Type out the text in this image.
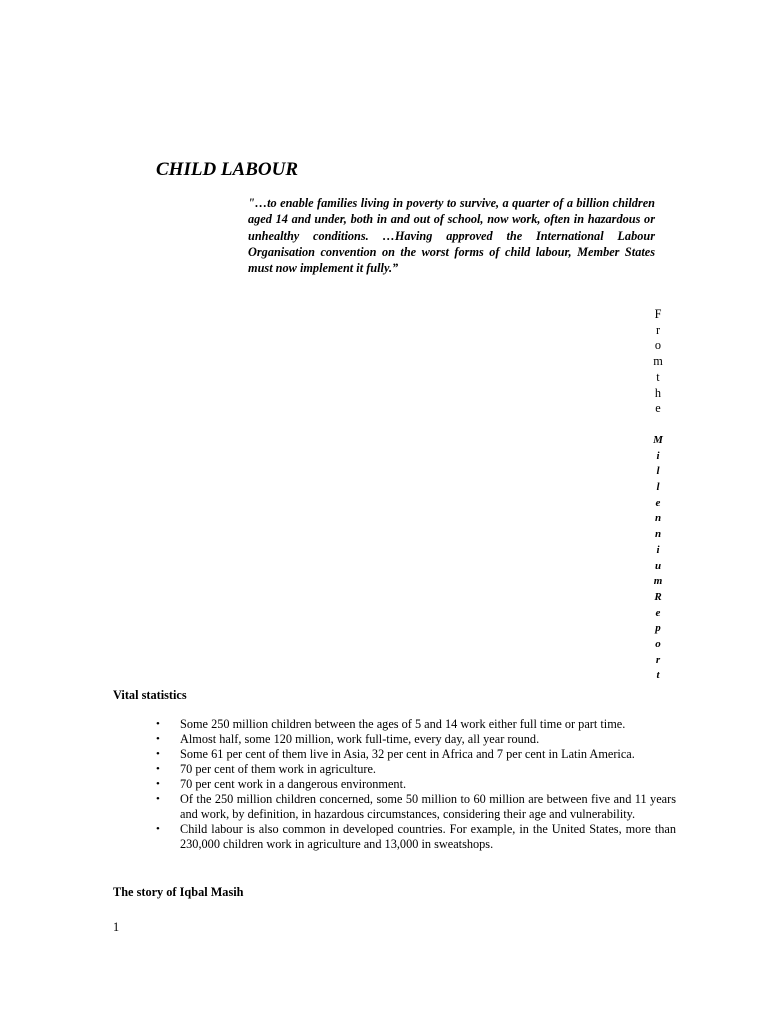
CHILD LABOUR

"…to enable families living in poverty to survive, a quarter of a billion children aged 14 and under, both in and out of school, now work, often in hazardous or unhealthy conditions. …Having approved the International Labour Organisation convention on the worst forms of child labour, Member States must now implement it fully.”

F
r
o
m
t
h
e
M
i
l
l
e
n
n
i
u
m
R
e
p
o
r
t
Vital statistics
• Some 250 million children between the ages of 5 and 14 work either full time or part time.
• Almost half, some 120 million, work full-time, every day, all year round.
• Some 61 per cent of them live in Asia, 32 per cent in Africa and 7 per cent in Latin America.
• 70 per cent of them work in agriculture.
• 70 per cent work in a dangerous environment.
• Of the 250 million children concerned, some 50 million to 60 million are between five and 11 years and work, by definition, in hazardous circumstances, considering their age and vulnerability.
• Child labour is also common in developed countries. For example, in the United States, more than 230,000 children work in agriculture and 13,000 in sweatshops.
The story of Iqbal Masih

1
